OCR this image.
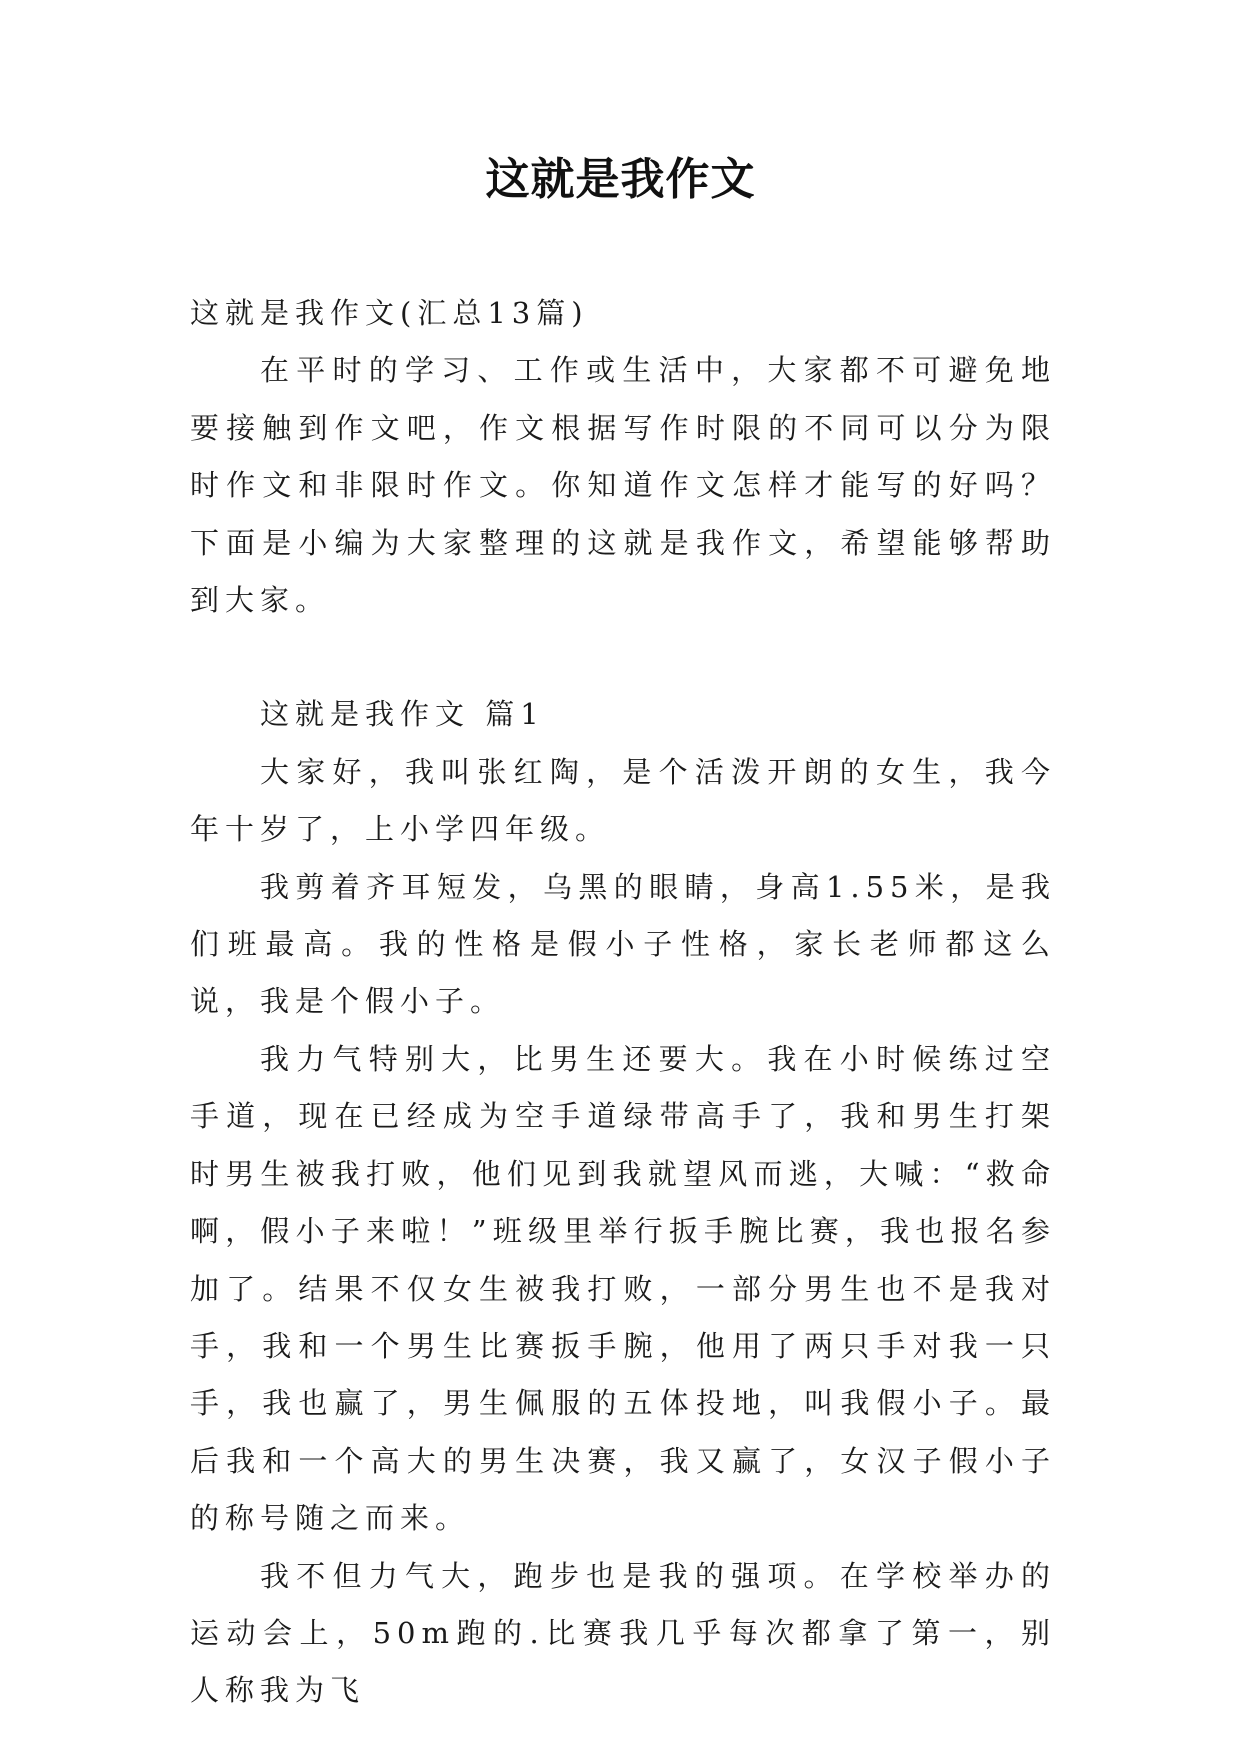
这就是我作文

这就是我作文(汇总13篇)

在平时的学习、工作或生活中，大家都不可避免地要接触到作文吧，作文根据写作时限的不同可以分为限时作文和非限时作文。你知道作文怎样才能写的好吗？下面是小编为大家整理的这就是我作文，希望能够帮助到大家。

这就是我作文 篇1

大家好，我叫张红陶，是个活泼开朗的女生，我今年十岁了，上小学四年级。

我剪着齐耳短发，乌黑的眼睛，身高1.55米，是我们班最高。我的性格是假小子性格，家长老师都这么说，我是个假小子。

我力气特别大，比男生还要大。我在小时候练过空手道，现在已经成为空手道绿带高手了，我和男生打架时男生被我打败，他们见到我就望风而逃，大喊：“救命啊，假小子来啦！”班级里举行扳手腕比赛，我也报名参加了。结果不仅女生被我打败，一部分男生也不是我对手，我和一个男生比赛扳手腕，他用了两只手对我一只手，我也赢了，男生佩服的五体投地，叫我假小子。最后我和一个高大的男生决赛，我又赢了，女汉子假小子的称号随之而来。

我不但力气大，跑步也是我的强项。在学校举办的运动会上，50m跑的.比赛我几乎每次都拿了第一，别人称我为飞
